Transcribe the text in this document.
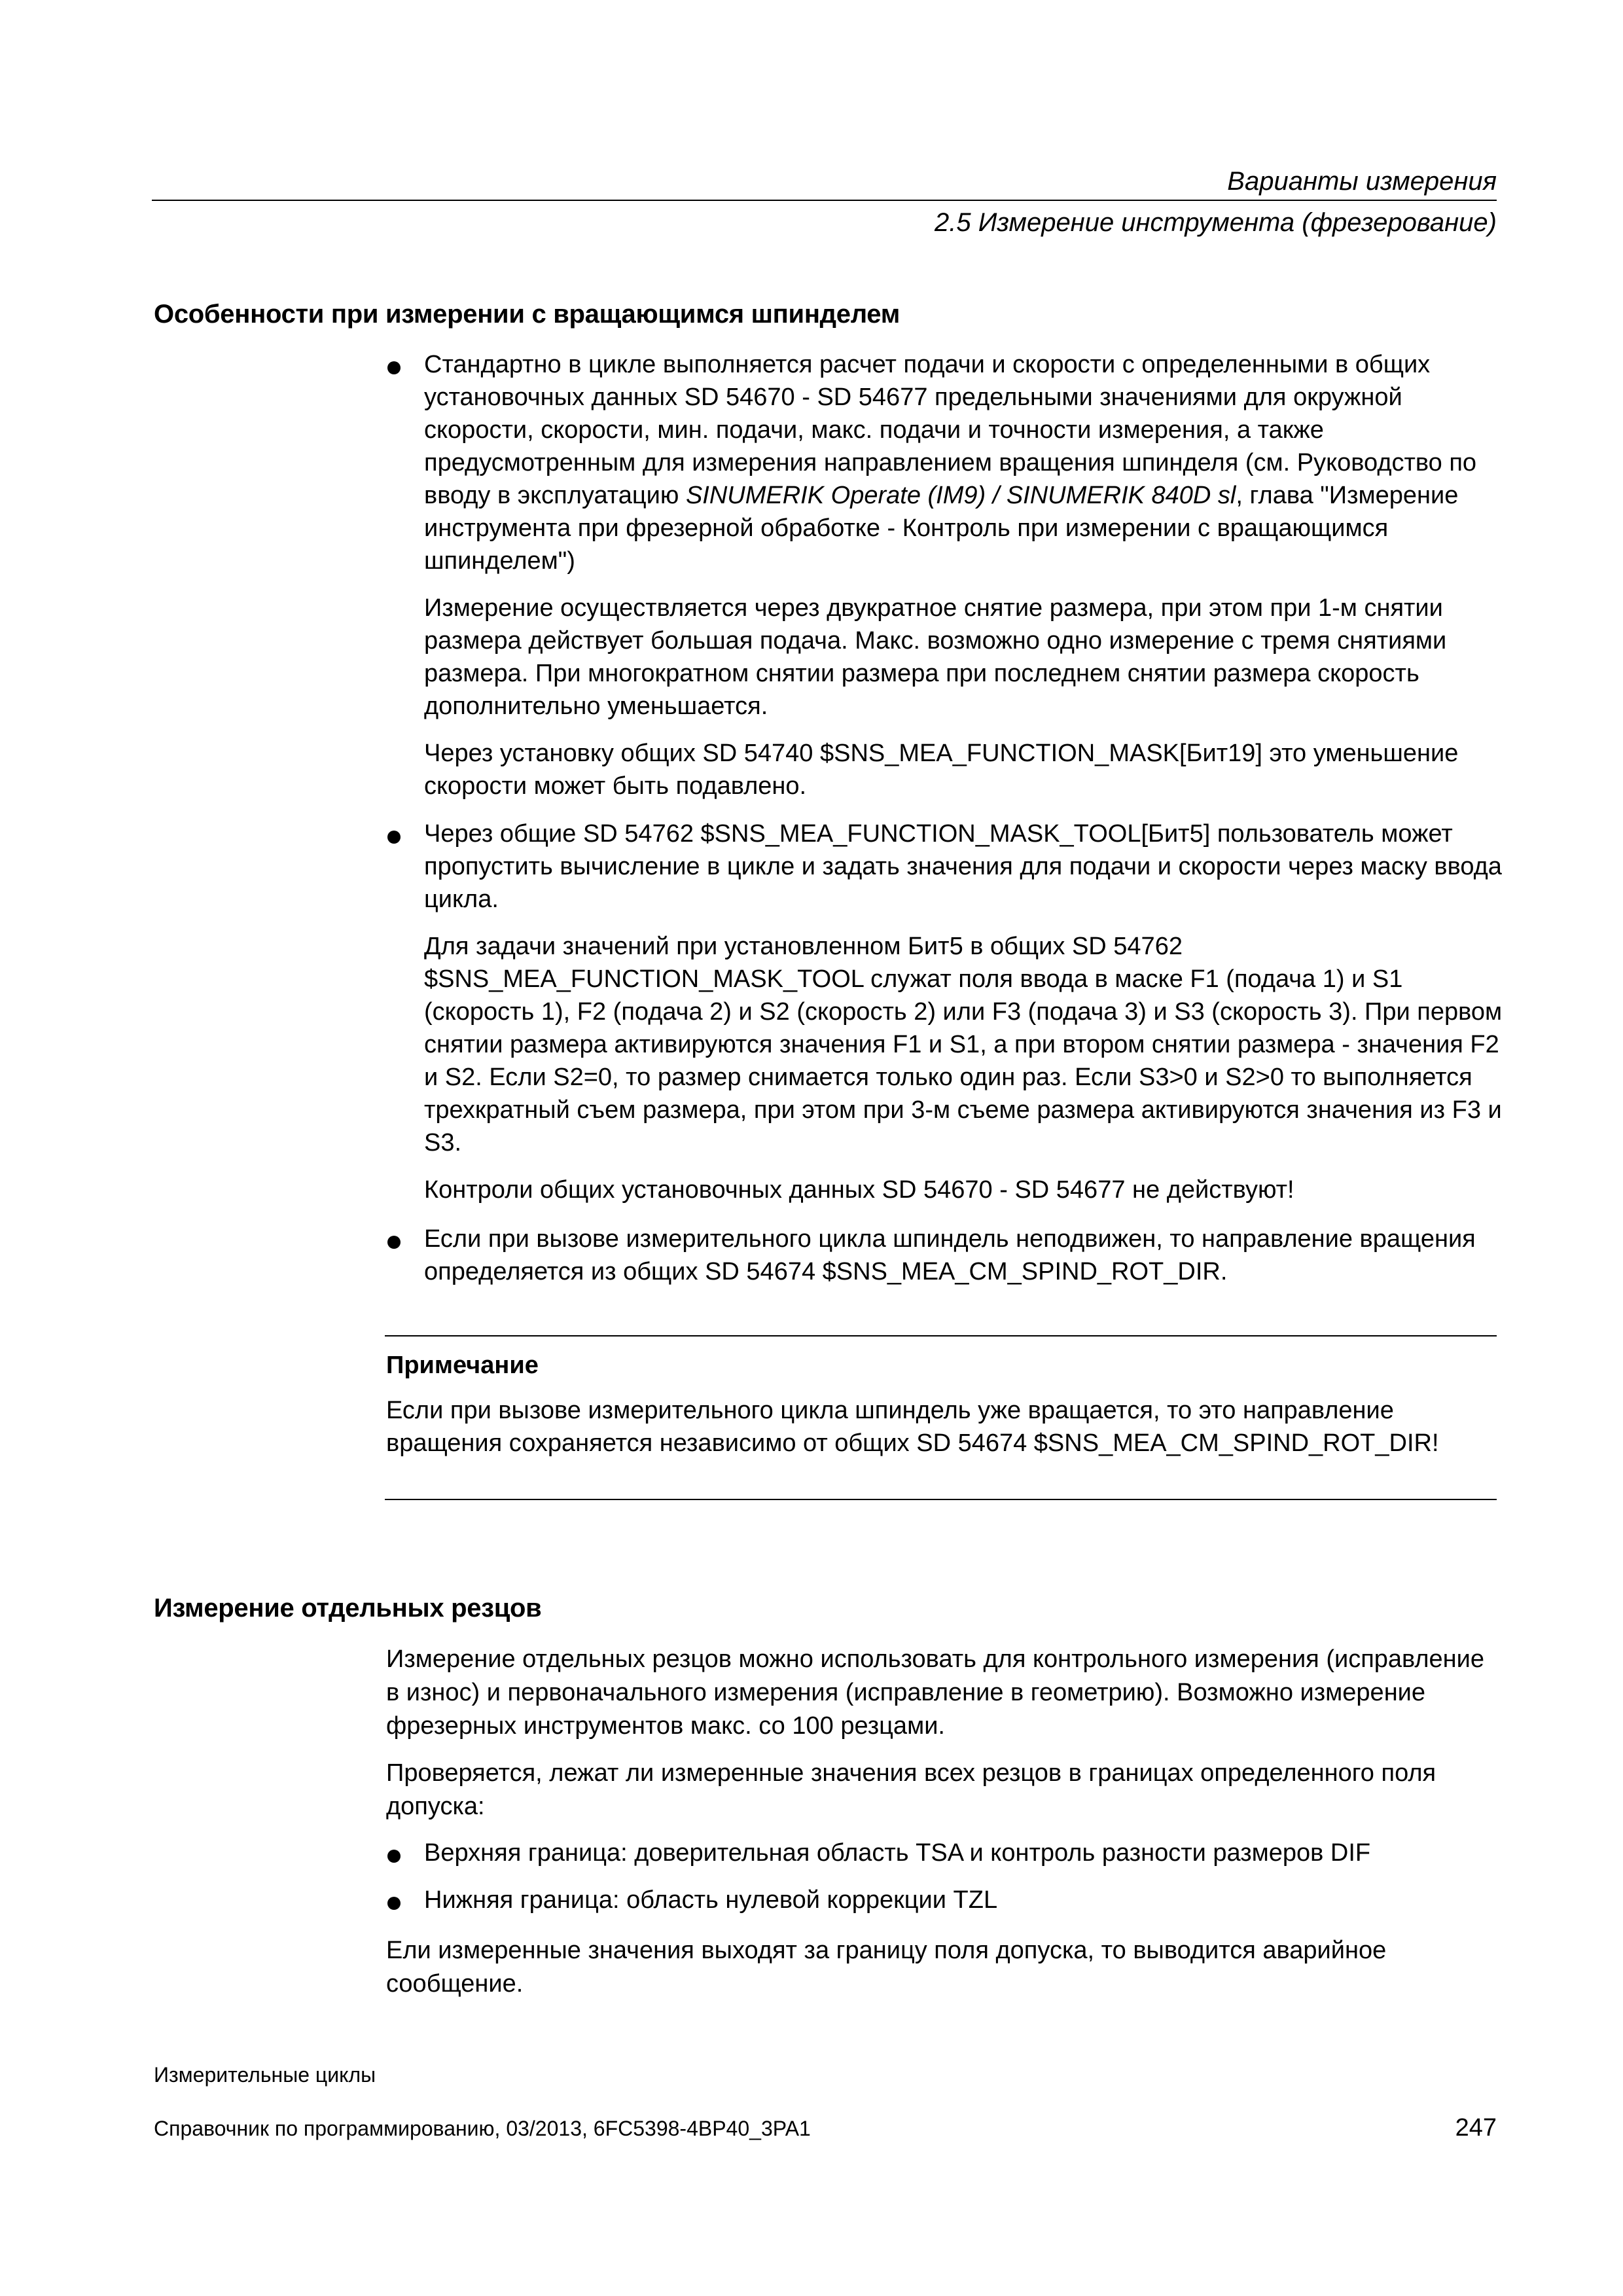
Варианты измерения
2.5 Измерение инструмента (фрезерование)
Особенности при измерении с вращающимся шпинделем

Стандартно в цикле выполняется расчет подачи и скорости с определенными в общих установочных данных SD 54670 - SD 54677 предельными значениями для окружной скорости, скорости, мин. подачи, макс. подачи и точности измерения, а также предусмотренным для измерения направлением вращения шпинделя (см. Руководство по вводу в эксплуатацию SINUMERIK Operate (IM9) / SINUMERIK 840D sl, глава "Измерение инструмента при фрезерной обработке - Контроль при измерении с вращающимся шпинделем")

Измерение осуществляется через двукратное снятие размера, при этом при 1-м снятии размера действует большая подача. Макс. возможно одно измерение с тремя снятиями размера. При многократном снятии размера при последнем снятии размера скорость дополнительно уменьшается.

Через установку общих SD 54740 $SNS_MEA_FUNCTION_MASK[Бит19] это уменьшение скорости может быть подавлено.

Через общие SD 54762 $SNS_MEA_FUNCTION_MASK_TOOL[Бит5] пользователь может пропустить вычисление в цикле и задать значения для подачи и скорости через маску ввода цикла.

Для задачи значений при установленном Бит5 в общих SD 54762 $SNS_MEA_FUNCTION_MASK_TOOL служат поля ввода в маске F1 (подача 1) и S1 (скорость 1), F2 (подача 2) и S2 (скорость 2) или F3 (подача 3) и S3 (скорость 3). При первом снятии размера активируются значения F1 и S1, а при втором снятии размера - значения F2 и S2. Если S2=0, то размер снимается только один раз. Если S3>0 и S2>0 то выполняется трехкратный съем размера, при этом при 3-м съеме размера активируются значения из F3 и S3.

Контроли общих установочных данных SD 54670 - SD 54677 не действуют!

Если при вызове измерительного цикла шпиндель неподвижен, то направление вращения определяется из общих SD 54674 $SNS_MEA_CM_SPIND_ROT_DIR.

Примечание
Если при вызове измерительного цикла шпиндель уже вращается, то это направление вращения сохраняется независимо от общих SD 54674 $SNS_MEA_CM_SPIND_ROT_DIR!
Измерение отдельных резцов

Измерение отдельных резцов можно использовать для контрольного измерения (исправление в износ) и первоначального измерения (исправление в геометрию). Возможно измерение фрезерных инструментов макс. со 100 резцами.

Проверяется, лежат ли измеренные значения всех резцов в границах определенного поля допуска:

Верхняя граница: доверительная область TSA и контроль разности размеров DIF
Нижняя граница: область нулевой коррекции TZL
Ели измеренные значения выходят за границу поля допуска, то выводится аварийное сообщение.
Измерительные циклы
Справочник по программированию, 03/2013, 6FC5398-4BP40_3PA1	247
